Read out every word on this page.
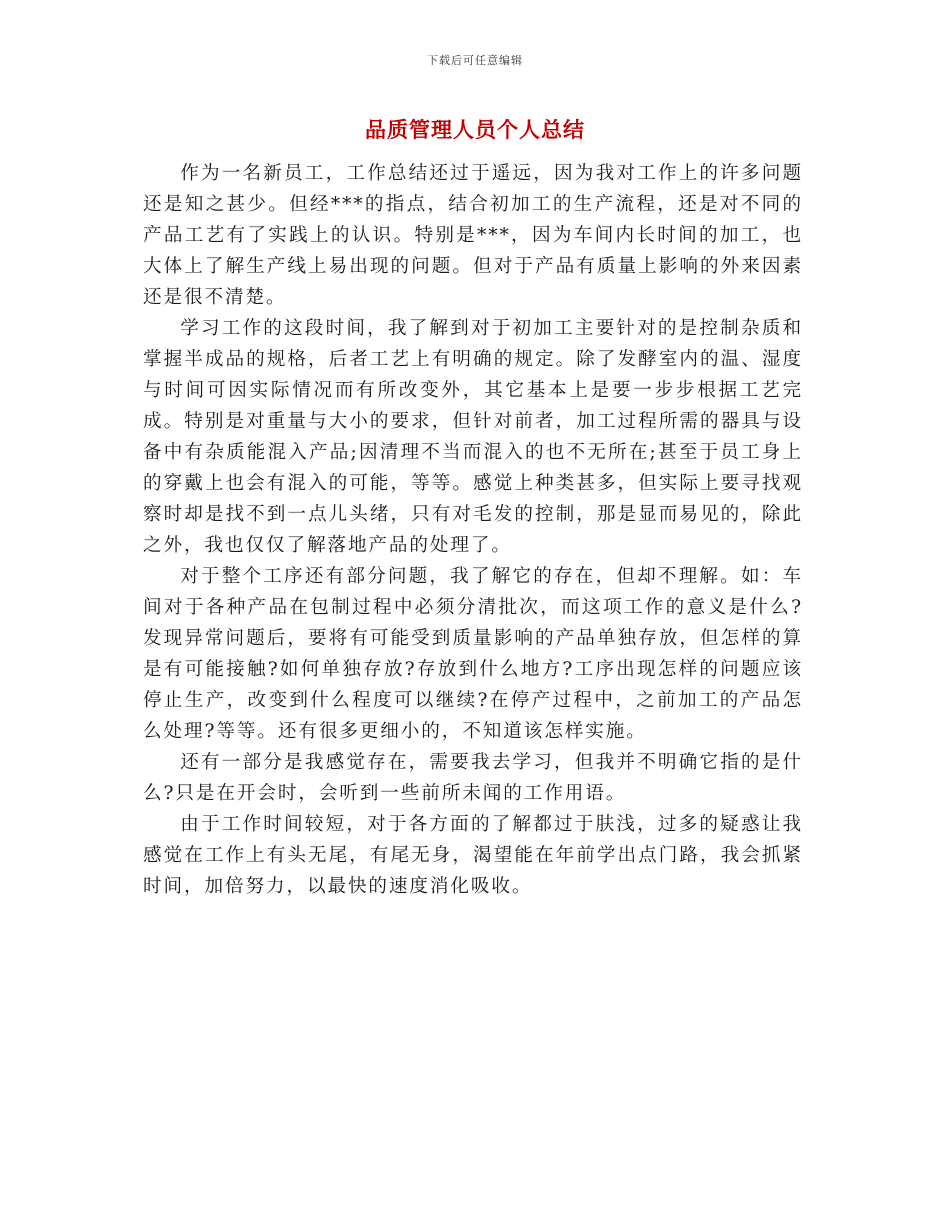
下载后可任意编辑
品质管理人员个人总结

作为一名新员工，工作总结还过于遥远，因为我对工作上的许多问题还是知之甚少。但经***的指点，结合初加工的生产流程，还是对不同的产品工艺有了实践上的认识。特别是***，因为车间内长时间的加工，也大体上了解生产线上易出现的问题。但对于产品有质量上影响的外来因素还是很不清楚。

学习工作的这段时间，我了解到对于初加工主要针对的是控制杂质和掌握半成品的规格，后者工艺上有明确的规定。除了发酵室内的温、湿度与时间可因实际情况而有所改变外，其它基本上是要一步步根据工艺完成。特别是对重量与大小的要求，但针对前者，加工过程所需的器具与设备中有杂质能混入产品;因清理不当而混入的也不无所在;甚至于员工身上的穿戴上也会有混入的可能，等等。感觉上种类甚多，但实际上要寻找观察时却是找不到一点儿头绪，只有对毛发的控制，那是显而易见的，除此之外，我也仅仅了解落地产品的处理了。

对于整个工序还有部分问题，我了解它的存在，但却不理解。如：车间对于各种产品在包制过程中必须分清批次，而这项工作的意义是什么?发现异常问题后，要将有可能受到质量影响的产品单独存放，但怎样的算是有可能接触?如何单独存放?存放到什么地方?工序出现怎样的问题应该停止生产，改变到什么程度可以继续?在停产过程中，之前加工的产品怎么处理?等等。还有很多更细小的，不知道该怎样实施。

还有一部分是我感觉存在，需要我去学习，但我并不明确它指的是什么?只是在开会时，会听到一些前所未闻的工作用语。

由于工作时间较短，对于各方面的了解都过于肤浅，过多的疑惑让我感觉在工作上有头无尾，有尾无身，渴望能在年前学出点门路，我会抓紧时间，加倍努力，以最快的速度消化吸收。
